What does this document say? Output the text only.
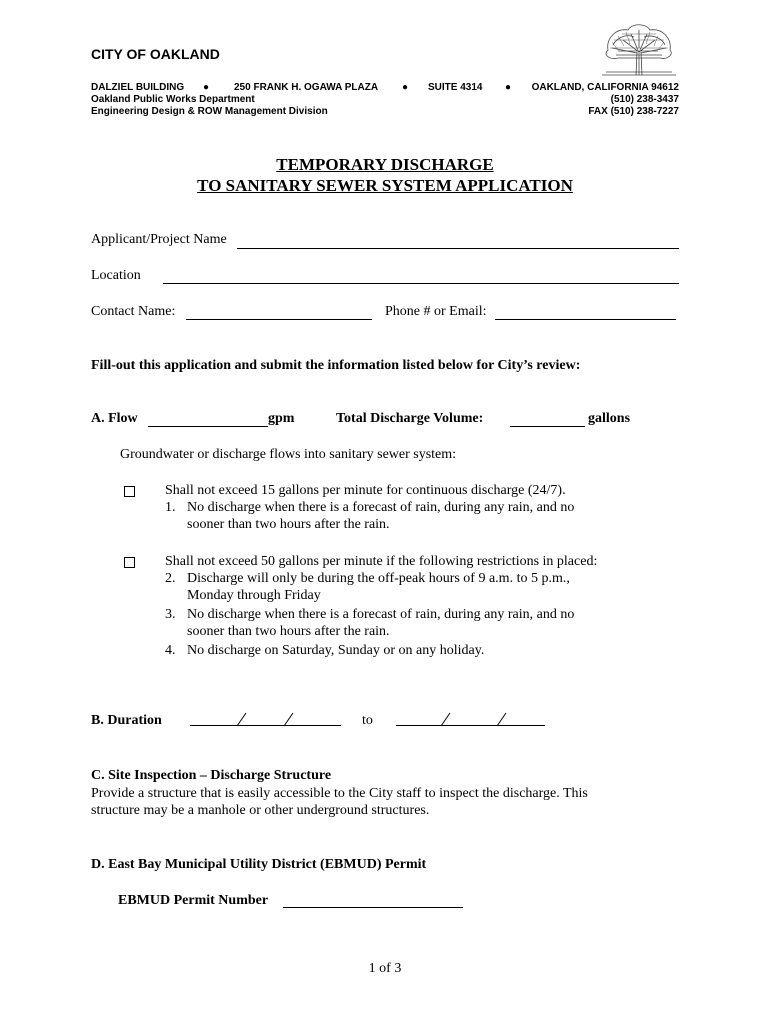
CITY OF OAKLAND
DALZIEL BUILDING ● 250 FRANK H. OGAWA PLAZA ● SUITE 4314 ● OAKLAND, CALIFORNIA 94612
Oakland Public Works Department	(510) 238-3437
Engineering Design & ROW Management Division	FAX (510) 238-7227
TEMPORARY DISCHARGE
TO SANITARY SEWER SYSTEM APPLICATION
Applicant/Project Name
Location
Contact Name:	Phone # or Email:
Fill-out this application and submit the information listed below for City’s review:
A. Flow	gpm	Total Discharge Volume:	gallons
Groundwater or discharge flows into sanitary sewer system:
Shall not exceed 15 gallons per minute for continuous discharge (24/7).
1. No discharge when there is a forecast of rain, during any rain, and no
sooner than two hours after the rain.
Shall not exceed 50 gallons per minute if the following restrictions in placed:
2. Discharge will only be during the off-peak hours of 9 a.m. to 5 p.m.,
Monday through Friday
3. No discharge when there is a forecast of rain, during any rain, and no
sooner than two hours after the rain.
4. No discharge on Saturday, Sunday or on any holiday.
B. Duration	to
C. Site Inspection – Discharge Structure
Provide a structure that is easily accessible to the City staff to inspect the discharge. This
structure may be a manhole or other underground structures.
D. East Bay Municipal Utility District (EBMUD) Permit
EBMUD Permit Number
1 of 3
